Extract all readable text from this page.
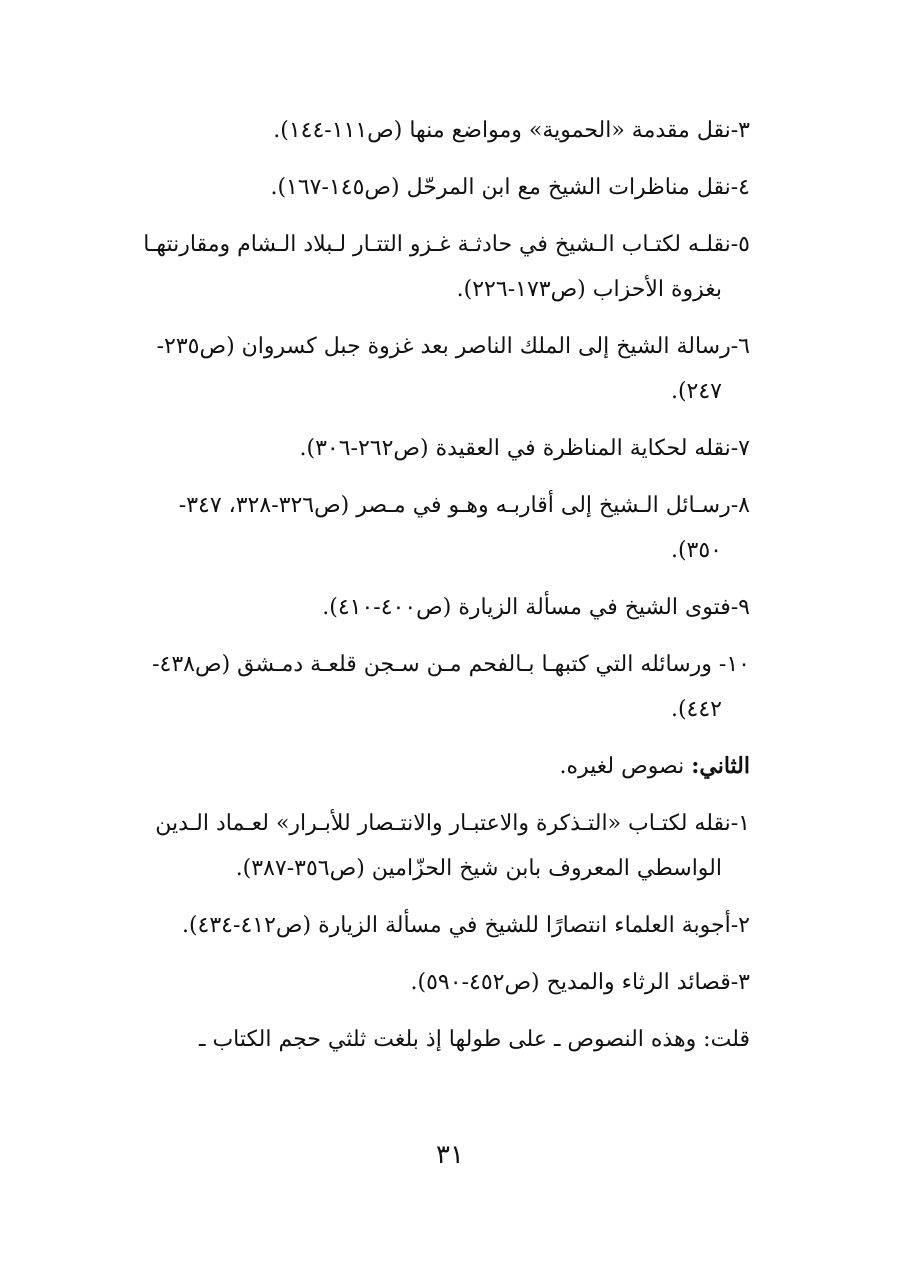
٣-نقل مقدمة «الحموية» ومواضع منها (ص١١١-١٤٤).
٤-نقل مناظرات الشيخ مع ابن المرحّل (ص١٤٥-١٦٧).
٥-نقلـه لكتـاب الـشيخ في حادثـة غـزو التتـار لـبلاد الـشام ومقارنتهـا
بغزوة الأحزاب (ص١٧٣-٢٢٦).
٦-رسالة الشيخ إلى الملك الناصر بعد غزوة جبل كسروان (ص٢٣٥-
٢٤٧).
٧-نقله لحكاية المناظرة في العقيدة (ص٢٦٢-٣٠٦).
٨-رسـائل الـشيخ إلى أقاربـه وهـو في مـصر (ص٣٢٦-٣٢٨، ٣٤٧-
٣٥٠).
٩-فتوى الشيخ في مسألة الزيارة (ص٤٠٠-٤١٠).
١٠- ورسائله التي كتبهـا بـالفحم مـن سـجن قلعـة دمـشق (ص٤٣٨-
٤٤٢).
الثاني: نصوص لغيره.
١-نقله لكتـاب «التـذكرة والاعتبـار والانتـصار للأبـرار» لعـماد الـدين
الواسطي المعروف بابن شيخ الحزّامين (ص٣٥٦-٣٨٧).
٢-أجوبة العلماء انتصارًا للشيخ في مسألة الزيارة (ص٤١٢-٤٣٤).
٣-قصائد الرثاء والمديح (ص٤٥٢-٥٩٠).
قلت: وهذه النصوص ـ على طولها إذ بلغت ثلثي حجم الكتاب ـ
٣١
